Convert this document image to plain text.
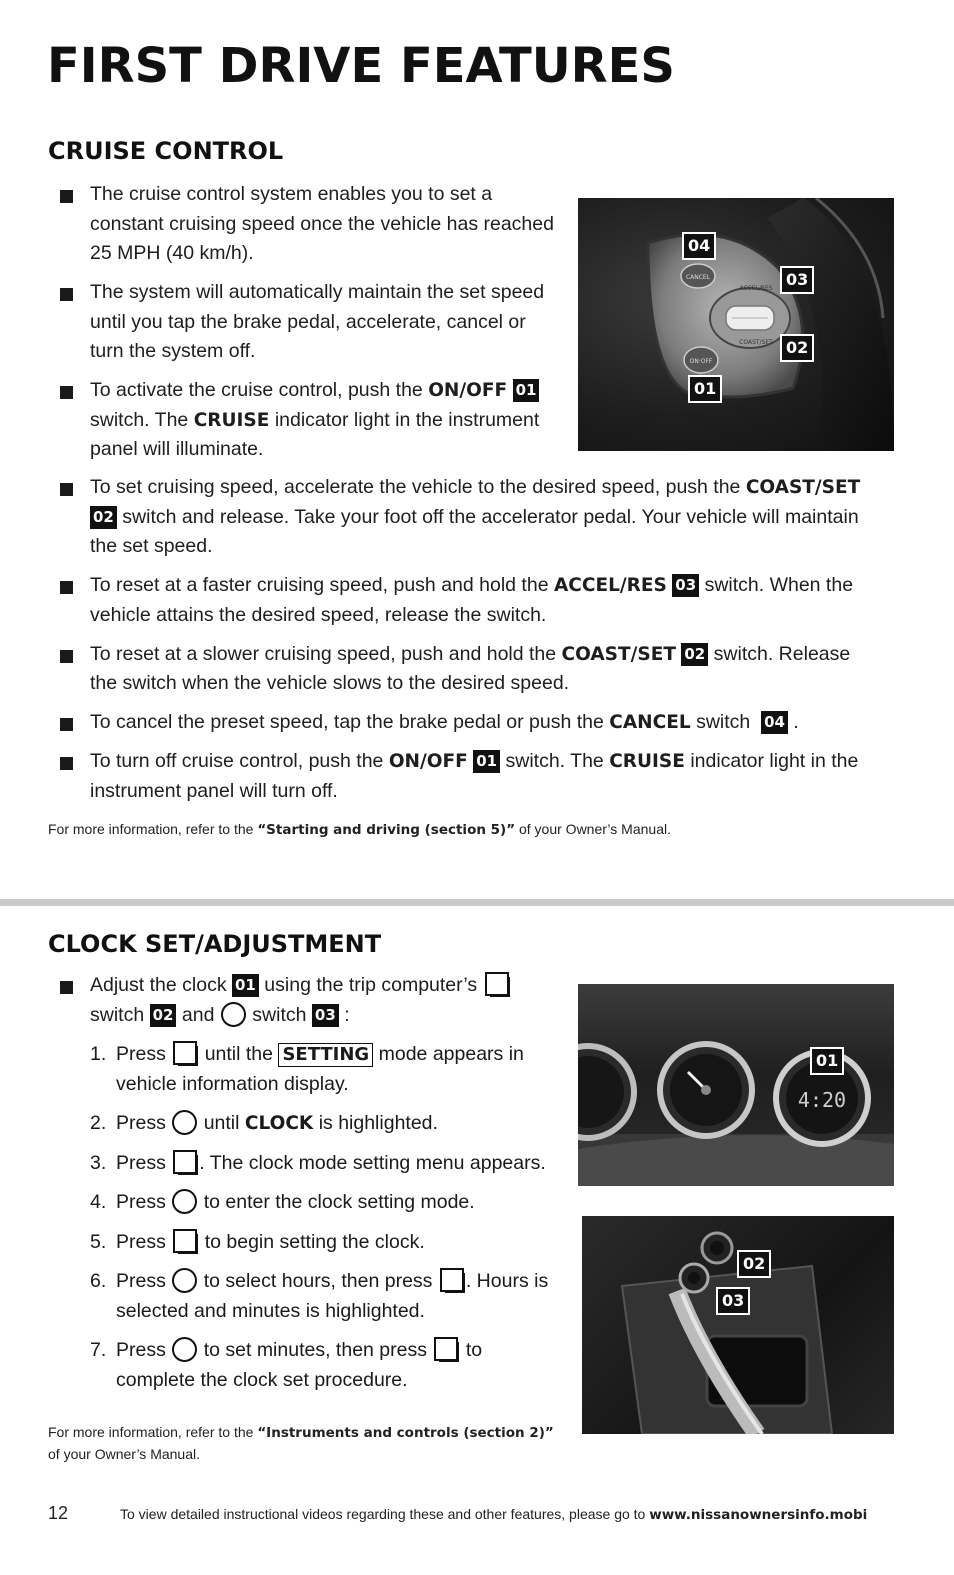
FIRST DRIVE FEATURES
CRUISE CONTROL
The cruise control system enables you to set a constant cruising speed once the vehicle has reached 25 MPH (40 km/h).
The system will automatically maintain the set speed until you tap the brake pedal, accelerate, cancel or turn the system off.
To activate the cruise control, push the ON/OFF 01
switch. The CRUISE indicator light in the instrument panel will illuminate.
To set cruising speed, accelerate the vehicle to the desired speed, push the COAST/SET
02 switch and release. Take your foot off the accelerator pedal. Your vehicle will maintain the set speed.
To reset at a faster cruising speed, push and hold the ACCEL/RES 03 switch. When the vehicle attains the desired speed, release the switch.
To reset at a slower cruising speed, push and hold the COAST/SET 02 switch. Release the switch when the vehicle slows to the desired speed.
To cancel the preset speed, tap the brake pedal or push the CANCEL switch 04 .
To turn off cruise control, push the ON/OFF 01 switch. The CRUISE indicator light in the instrument panel will turn off.
For more information, refer to the “Starting and driving (section 5)” of your Owner’s Manual.
CANCEL
ACCEL/RES
COAST/SET
ON·OFF
04
03
02
01
CLOCK SET/ADJUSTMENT
Adjust the clock 01 using the trip computer’s
switch 02 and switch 03 :
1. Press until the SETTING mode appears in vehicle information display.
2. Press until CLOCK is highlighted.
3. Press . The clock mode setting menu appears.
4. Press to enter the clock setting mode.
5. Press to begin setting the clock.
6. Press to select hours, then press . Hours is selected and minutes is highlighted.
7. Press to set minutes, then press to complete the clock set procedure.
For more information, refer to the “Instruments and controls (section 2)”
of your Owner’s Manual.
4:20
01
02
03
12	To view detailed instructional videos regarding these and other features, please go to www.nissanownersinfo.mobi
